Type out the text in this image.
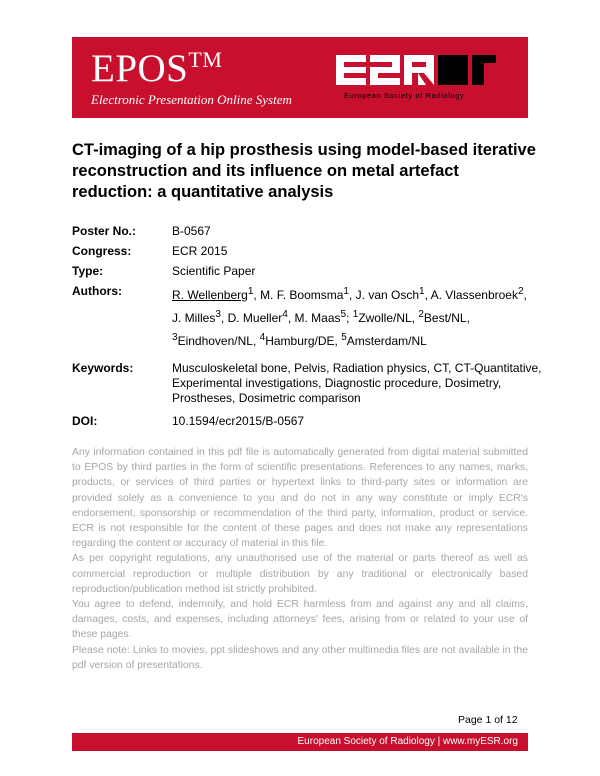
EPOS™
Electronic Presentation Online System	European Society of Radiology
CT-imaging of a hip prosthesis using model-based iterative reconstruction and its influence on metal artefact reduction: a quantitative analysis
Poster No.:	B-0567
Congress:	ECR 2015
Type:	Scientific Paper
Authors:	R. Wellenberg$^1$, M. F. Boomsma$^1$, J. van Osch$^1$, A. Vlassenbroek$^2$,
J. Milles$^3$, D. Mueller$^4$, M. Maas$^5$; $^1$Zwolle/NL, $^2$Best/NL,
$^3$Eindhoven/NL, $^4$Hamburg/DE, $^5$Amsterdam/NL
Keywords:	Musculoskeletal bone, Pelvis, Radiation physics, CT, CT-Quantitative, Experimental investigations, Diagnostic procedure, Dosimetry, Prostheses, Dosimetric comparison
DOI:	10.1594/ecr2015/B-0567

Any information contained in this pdf file is automatically generated from digital material submitted to EPOS by third parties in the form of scientific presentations. References to any names, marks, products, or services of third parties or hypertext links to third-party sites or information are provided solely as a convenience to you and do not in any way constitute or imply ECR's endorsement, sponsorship or recommendation of the third party, information, product or service. ECR is not responsible for the content of these pages and does not make any representations regarding the content or accuracy of material in this file.

As per copyright regulations, any unauthorised use of the material or parts thereof as well as commercial reproduction or multiple distribution by any traditional or electronically based reproduction/publication method ist strictly prohibited.

You agree to defend, indemnify, and hold ECR harmless from and against any and all claims, damages, costs, and expenses, including attorneys' fees, arising from or related to your use of these pages.

Please note: Links to movies, ppt slideshows and any other multimedia files are not available in the pdf version of presentations.

Page 1 of 12
European Society of Radiology | www.myESR.org
